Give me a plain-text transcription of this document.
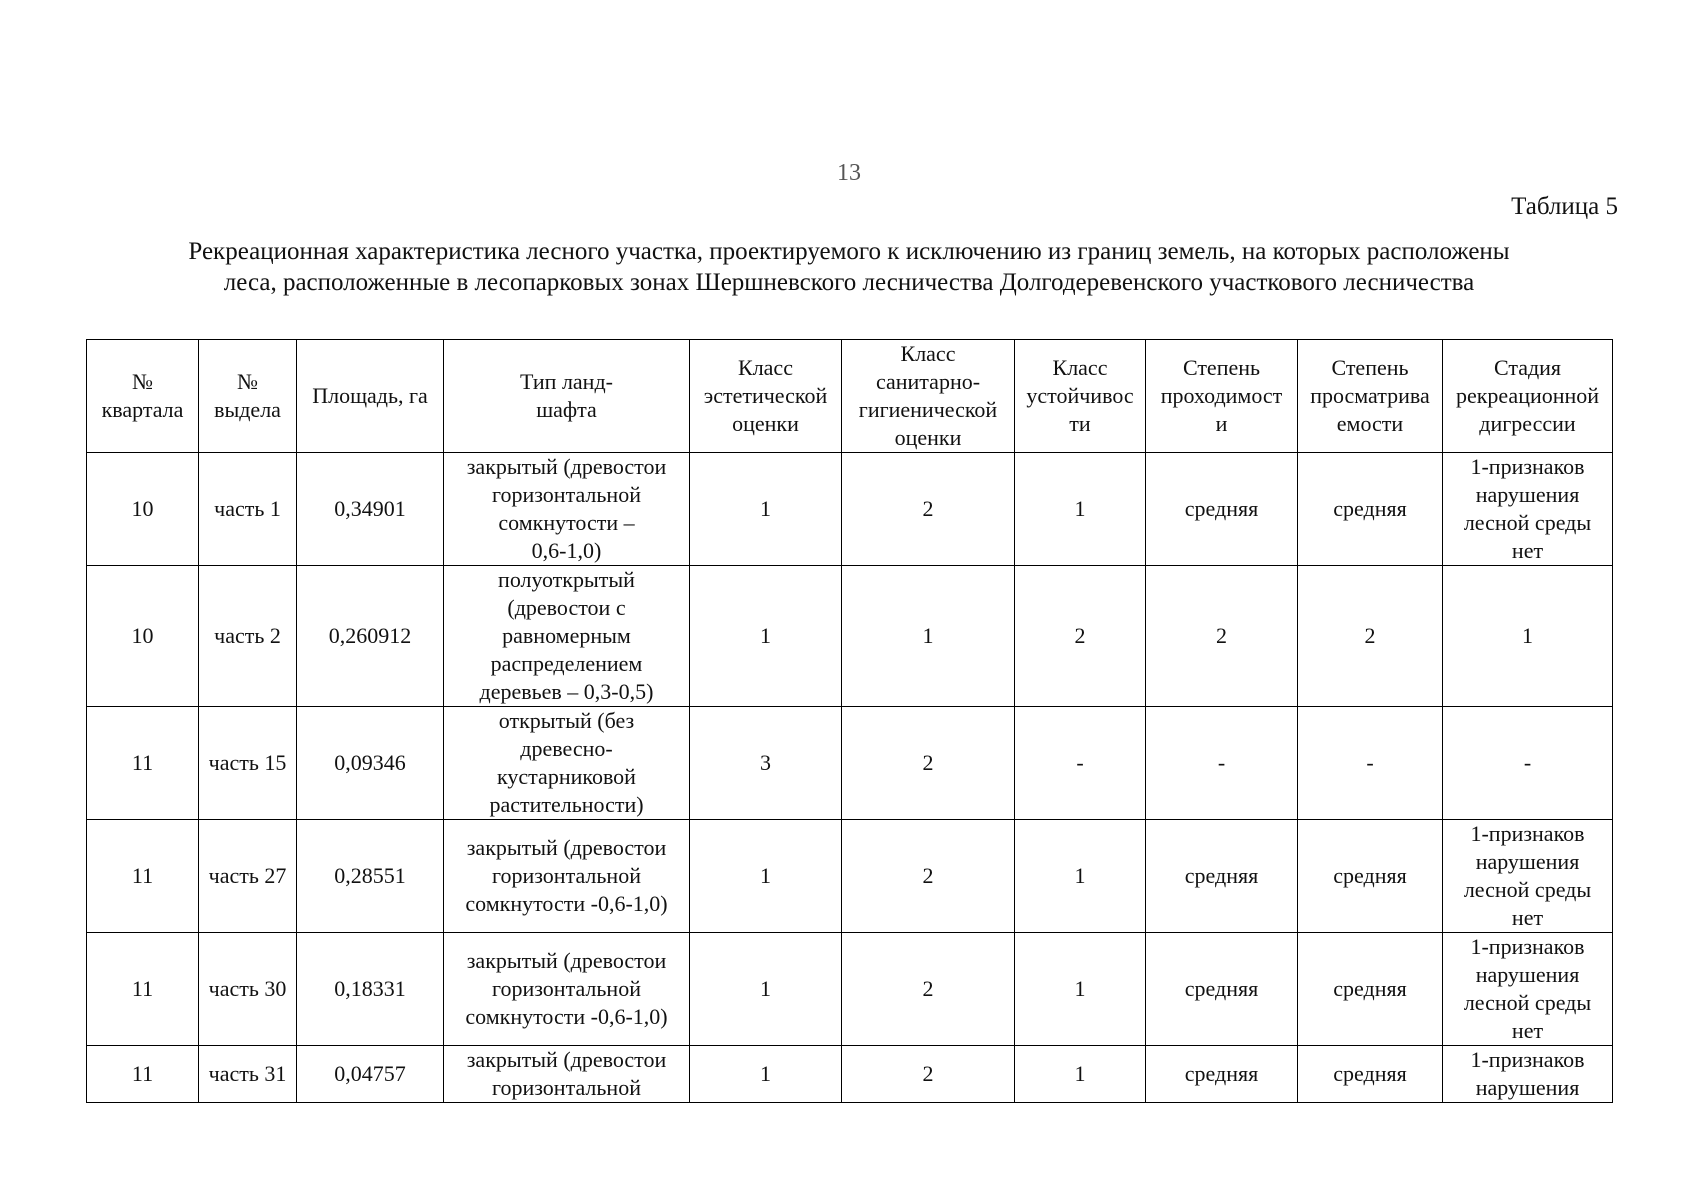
13
Таблица 5
Рекреационная характеристика лесного участка, проектируемого к исключению из границ земель, на которых расположены
леса, расположенные в лесопарковых зонах Шершневского лесничества Долгодеревенского участкового лесничества
№
квартала	№
выдела	Площадь, га	Тип ланд-
шафта	Класс
эстетической
оценки	Класс
санитарно-
гигиенической
оценки	Класс
устойчивос
ти	Степень
проходимост
и	Степень
просматрива
емости	Стадия
рекреационной
дигрессии

10	часть 1	0,34901	закрытый (древостои
горизонтальной
сомкнутости –
0,6-1,0)	1	2	1	средняя	средняя	1-признаков
нарушения
лесной среды
нет

10	часть 2	0,260912	полуоткрытый
(древостои с
равномерным
распределением
деревьев – 0,3-0,5)	1	1	2	2	2	1

11	часть 15	0,09346	открытый (без
древесно-
кустарниковой
растительности)	3	2	-	-	-	-

11	часть 27	0,28551	закрытый (древостои
горизонтальной
сомкнутости -0,6-1,0)	1	2	1	средняя	средняя	1-признаков
нарушения
лесной среды
нет

11	часть 30	0,18331	закрытый (древостои
горизонтальной
сомкнутости -0,6-1,0)	1	2	1	средняя	средняя	1-признаков
нарушения
лесной среды
нет

11	часть 31	0,04757	закрытый (древостои
горизонтальной	1	2	1	средняя	средняя	1-признаков
нарушения
